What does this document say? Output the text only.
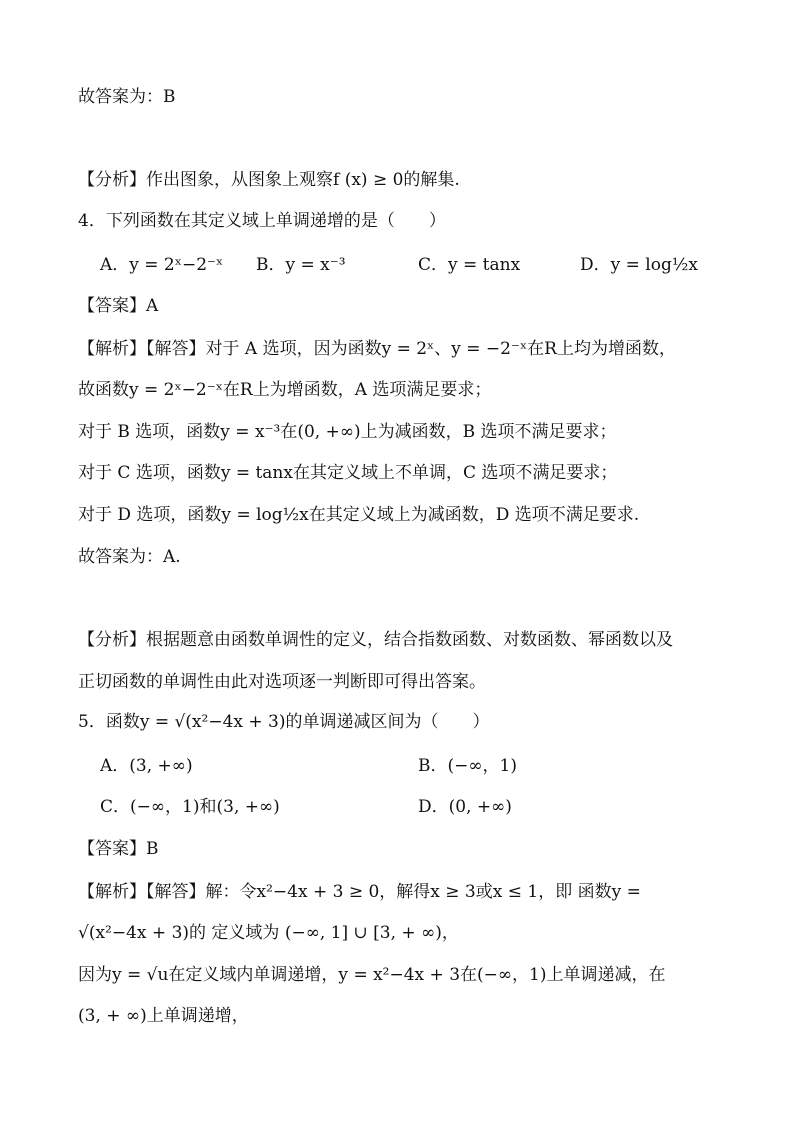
故答案为：B
【分析】作出图象，从图象上观察f (x) ≥ 0的解集.
4．下列函数在其定义域上单调递增的是（　　）
A．y = 2ˣ−2⁻ˣ B．y = x⁻³	C．y = tanx	D．y = log½x
【答案】A
【解析】【解答】对于 A 选项，因为函数y = 2ˣ、y = −2⁻ˣ在R上均为增函数，
故函数y = 2ˣ−2⁻ˣ在R上为增函数，A 选项满足要求；
对于 B 选项，函数y = x⁻³在(0, +∞)上为减函数，B 选项不满足要求；
对于 C 选项，函数y = tanx在其定义域上不单调，C 选项不满足要求；
对于 D 选项，函数y = log½x在其定义域上为减函数，D 选项不满足要求.
故答案为：A.
【分析】根据题意由函数单调性的定义，结合指数函数、对数函数、幂函数以及
正切函数的单调性由此对选项逐一判断即可得出答案。
5．函数y = √(x²−4x + 3)的单调递减区间为（　　）
A．(3, +∞)	B．(−∞，1)
C．(−∞，1)和(3, +∞)	D．(0, +∞)
【答案】B
【解析】【解答】解：令x²−4x + 3 ≥ 0，解得x ≥ 3或x ≤ 1，即 函数y =
√(x²−4x + 3)的 定义域为 (−∞, 1] ∪ [3, + ∞)，
因为y = √u在定义域内单调递增，y = x²−4x + 3在(−∞，1)上单调递减，在
(3, + ∞)上单调递增，
